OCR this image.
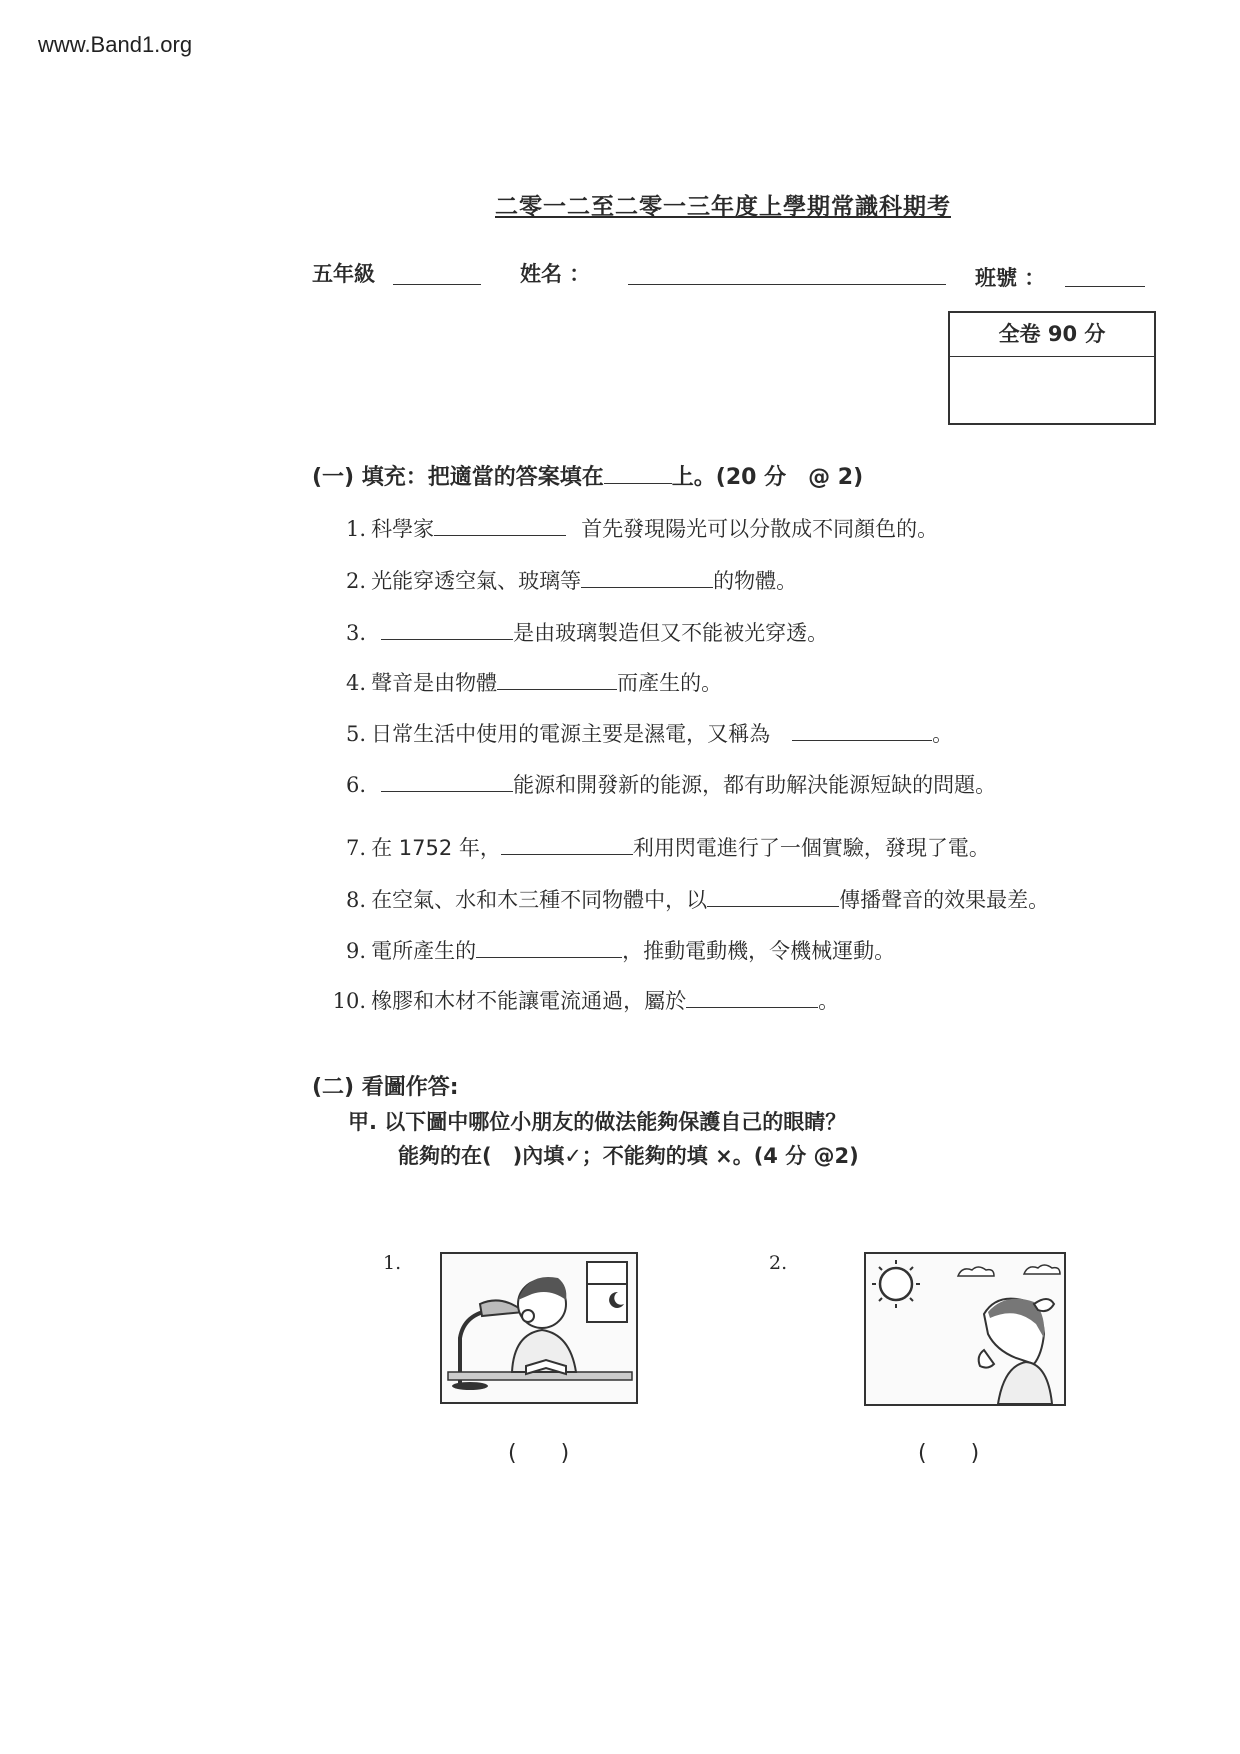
www.Band1.org
二零一二至二零一三年度上學期常識科期考
五年級	姓名 ：	班號 ：
全卷 90 分
(一) 填充：把適當的答案填在	上。(20 分　@ 2)
1. 科學家	首先發現陽光可以分散成不同顏色的。
2. 光能穿透空氣、玻璃等	的物體。
3.	是由玻璃製造但又不能被光穿透。
4. 聲音是由物體	而產生的。
5. 日常生活中使用的電源主要是濕電，又稱為	。
6.	能源和開發新的能源，都有助解決能源短缺的問題。
7. 在 1752 年，	利用閃電進行了一個實驗，發現了電。
8. 在空氣、水和木三種不同物體中，以	傳播聲音的效果最差。
9. 電所產生的	，推動電動機，令機械運動。
10. 橡膠和木材不能讓電流通過，屬於	。
(二) 看圖作答:
甲. 以下圖中哪位小朋友的做法能夠保護自己的眼睛？
能夠的在(　)內填✓；不能夠的填 ×。(4 分 @2)
1.
(　　)
2.
(　　)
